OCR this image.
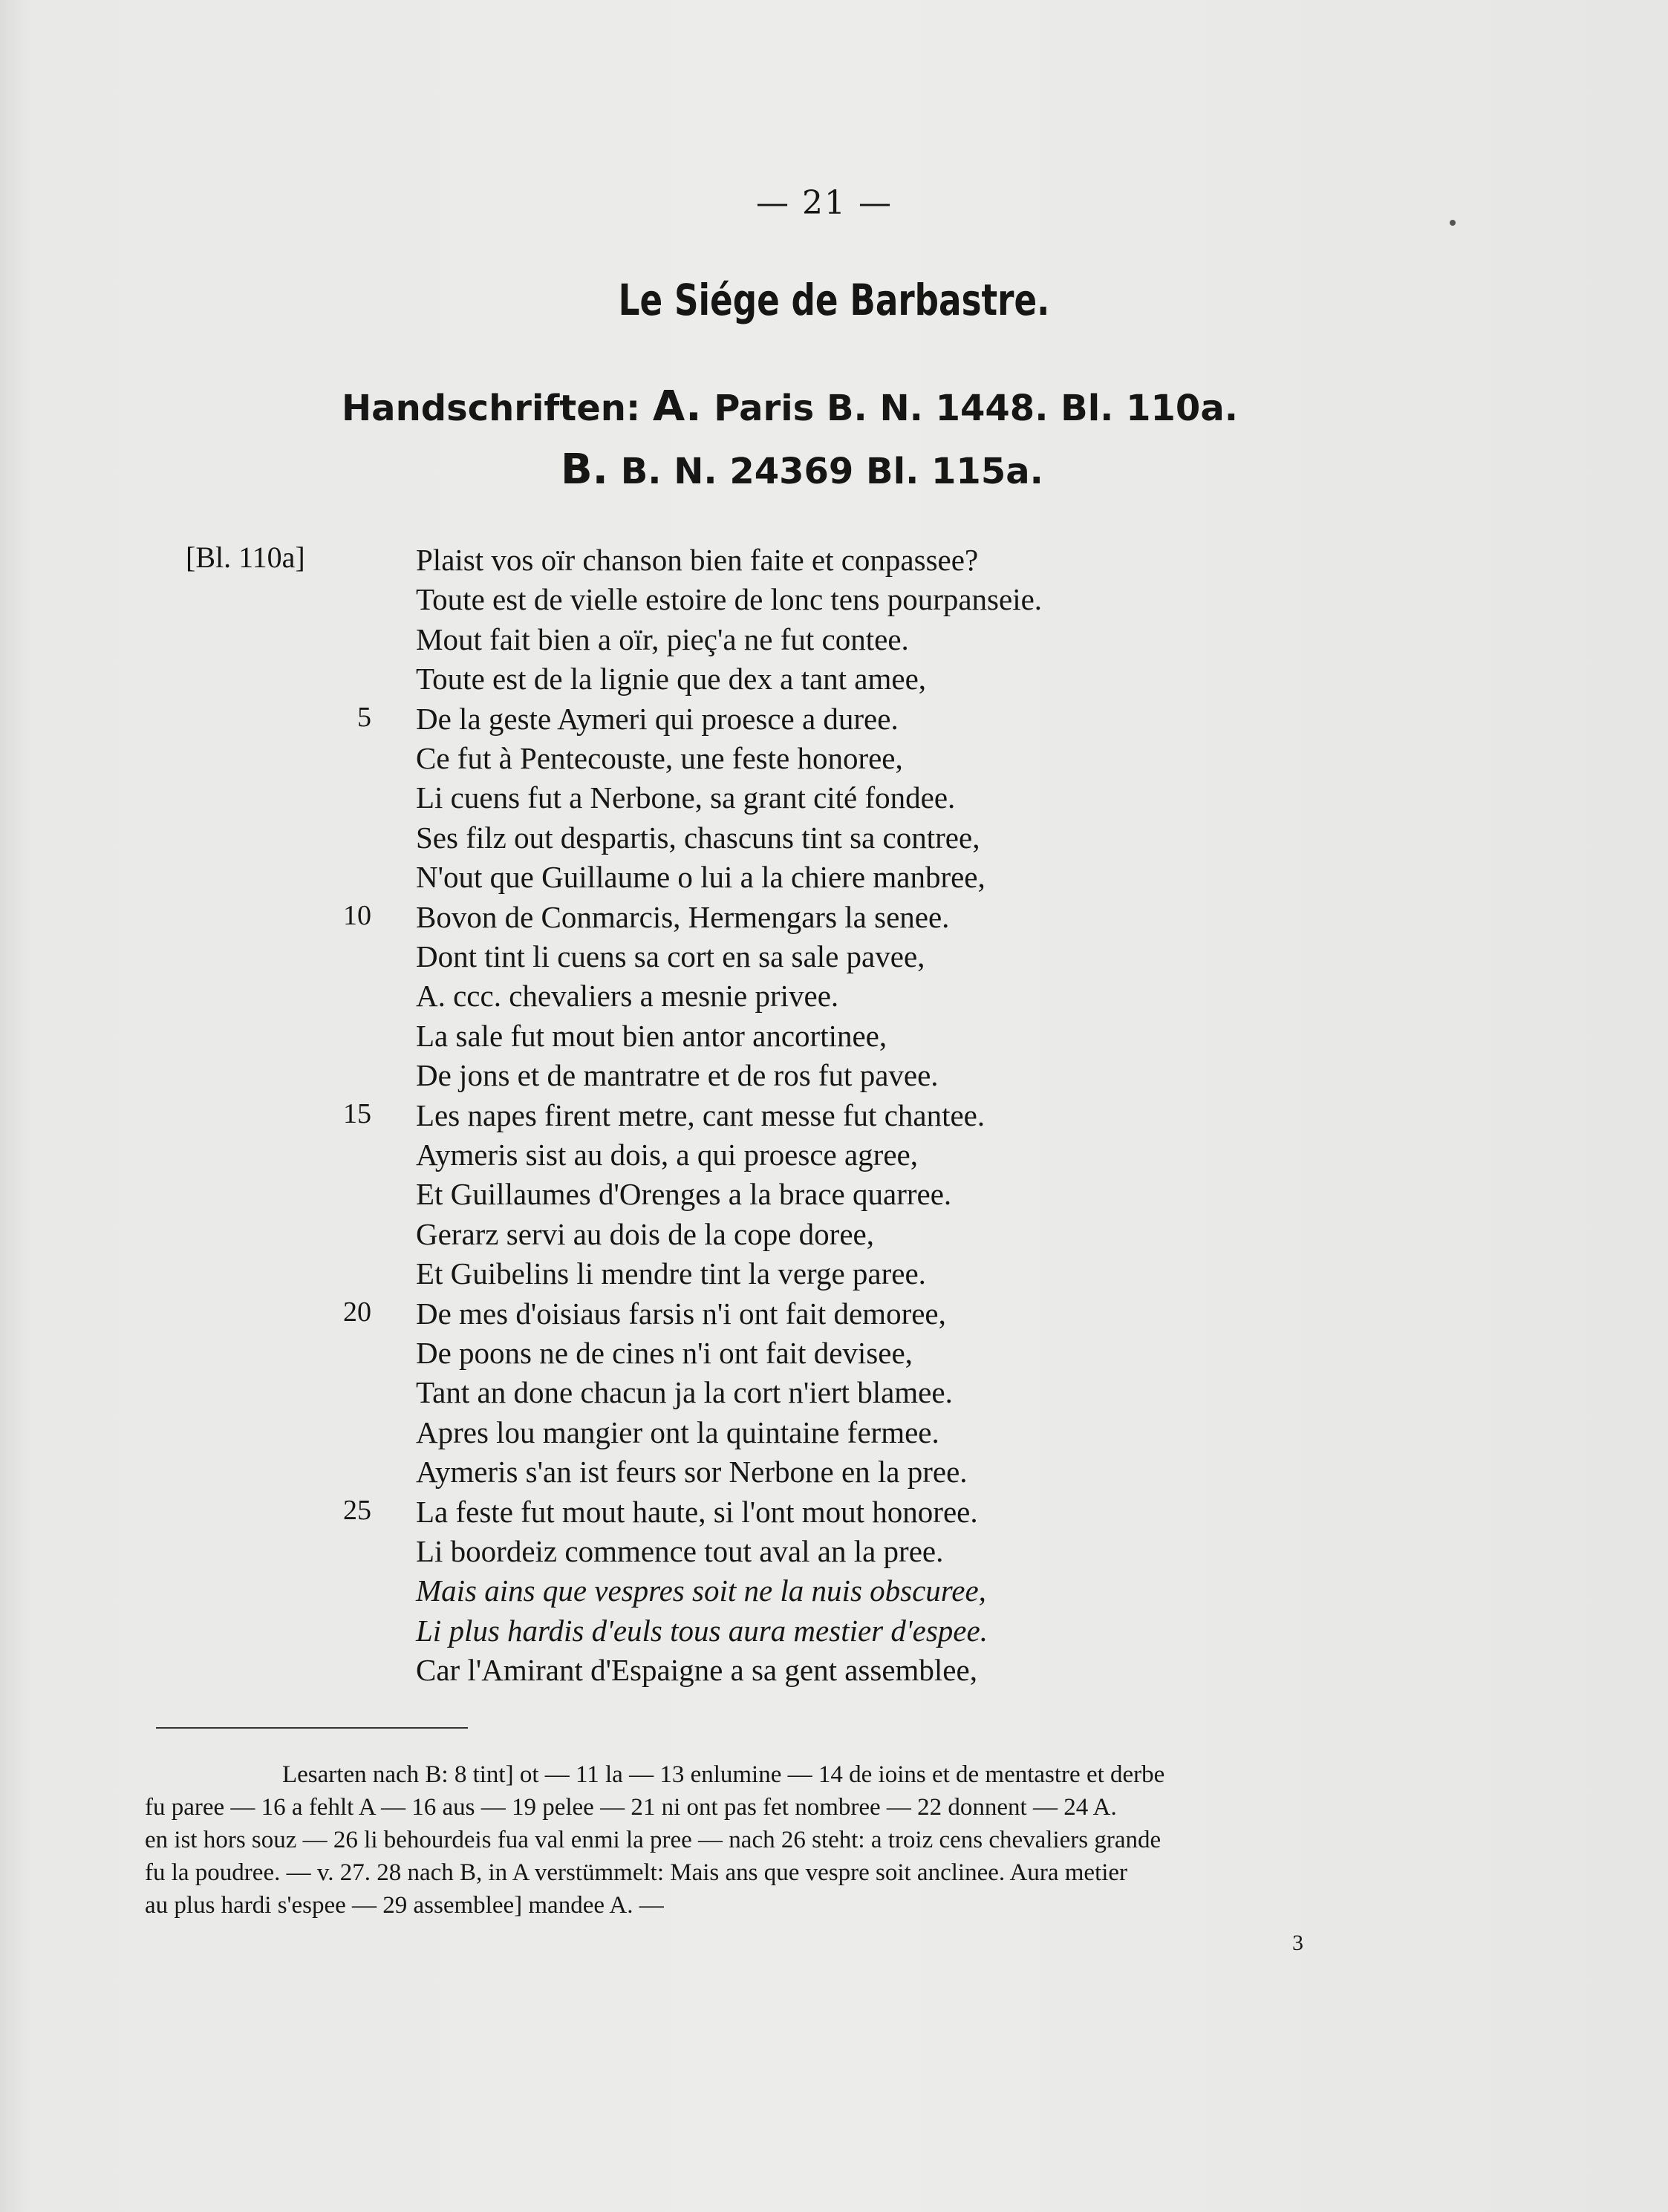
— 21 —
Le Siége de Barbastre.
Handschriften: A. Paris B. N. 1448. Bl. 110a.
B. B. N. 24369 Bl. 115a.
[Bl. 110a]	Plaist vos oïr chanson bien faite et conpassee?
Toute est de vielle estoire de lonc tens pourpanseie.
Mout fait bien a oïr, pieç'a ne fut contee.
Toute est de la lignie que dex a tant amee,
5 De la geste Aymeri qui proesce a duree.
Ce fut à Pentecouste, une feste honoree,
Li cuens fut a Nerbone, sa grant cité fondee.
Ses filz out despartis, chascuns tint sa contree,
N'out que Guillaume o lui a la chiere manbree,
10 Bovon de Conmarcis, Hermengars la senee.
Dont tint li cuens sa cort en sa sale pavee,
A. ccc. chevaliers a mesnie privee.
La sale fut mout bien antor ancortinee,
De jons et de mantratre et de ros fut pavee.
15 Les napes firent metre, cant messe fut chantee.
Aymeris sist au dois, a qui proesce agree,
Et Guillaumes d'Orenges a la brace quarree.
Gerarz servi au dois de la cope doree,
Et Guibelins li mendre tint la verge paree.
20 De mes d'oisiaus farsis n'i ont fait demoree,
De poons ne de cines n'i ont fait devisee,
Tant an done chacun ja la cort n'iert blamee.
Apres lou mangier ont la quintaine fermee.
Aymeris s'an ist feurs sor Nerbone en la pree.
25 La feste fut mout haute, si l'ont mout honoree.
Li boordeiz commence tout aval an la pree.
Mais ains que vespres soit ne la nuis obscuree,
Li plus hardis d'euls tous aura mestier d'espee.
Car l'Amirant d'Espaigne a sa gent assemblee,

Lesarten nach B: 8 tint] ot — 11 la — 13 enlumine — 14 de ioins et de mentastre et derbe

fu paree — 16 a fehlt A — 16 aus — 19 pelee — 21 ni ont pas fet nombree — 22 donnent — 24 A.

en ist hors souz — 26 li behourdeis fua val enmi la pree — nach 26 steht: a troiz cens chevaliers grande

fu la poudree. — v. 27. 28 nach B, in A verstümmelt: Mais ans que vespre soit anclinee. Aura metier

au plus hardi s'espee — 29 assemblee] mandee A. —

3
